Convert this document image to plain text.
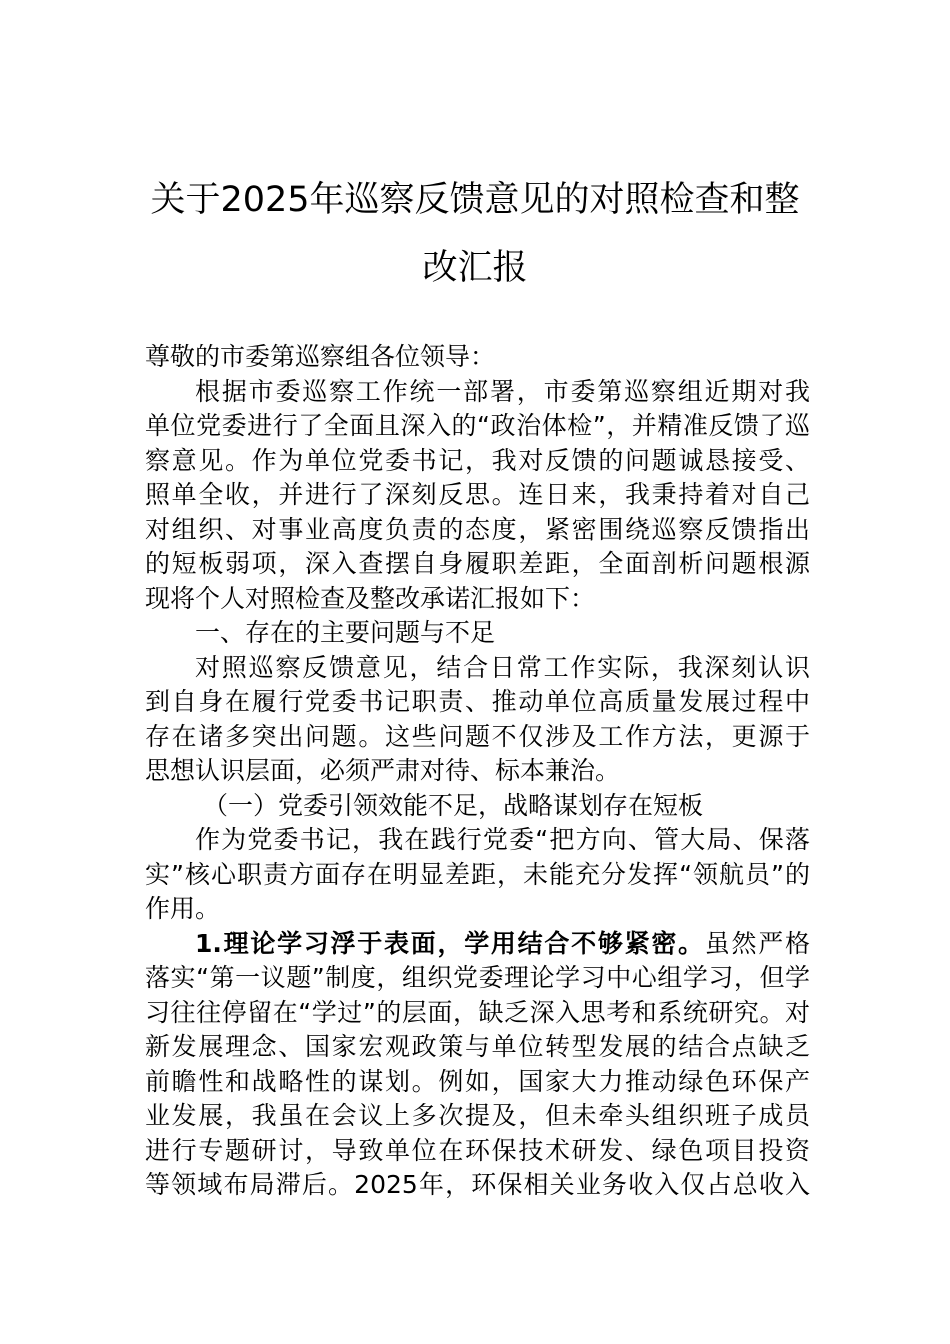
关于2025年巡察反馈意见的对照检查和整
改汇报
尊敬的市委第巡察组各位领导：
根据市委巡察工作统一部署，市委第巡察组近期对我
单位党委进行了全面且深入的“政治体检”，并精准反馈了巡
察意见。作为单位党委书记，我对反馈的问题诚恳接受、
照单全收，并进行了深刻反思。连日来，我秉持着对自己
对组织、对事业高度负责的态度，紧密围绕巡察反馈指出
的短板弱项，深入查摆自身履职差距，全面剖析问题根源
现将个人对照检查及整改承诺汇报如下：
一、存在的主要问题与不足
对照巡察反馈意见，结合日常工作实际，我深刻认识
到自身在履行党委书记职责、推动单位高质量发展过程中
存在诸多突出问题。这些问题不仅涉及工作方法，更源于
思想认识层面，必须严肃对待、标本兼治。
（一）党委引领效能不足，战略谋划存在短板
作为党委书记，我在践行党委“把方向、管大局、保落
实”核心职责方面存在明显差距，未能充分发挥“领航员”的
作用。
1.理论学习浮于表面，学用结合不够紧密。虽然严格
落实“第一议题”制度，组织党委理论学习中心组学习，但学
习往往停留在“学过”的层面，缺乏深入思考和系统研究。对
新发展理念、国家宏观政策与单位转型发展的结合点缺乏
前瞻性和战略性的谋划。例如，国家大力推动绿色环保产
业发展，我虽在会议上多次提及，但未牵头组织班子成员
进行专题研讨，导致单位在环保技术研发、绿色项目投资
等领域布局滞后。2025年，环保相关业务收入仅占总收入
